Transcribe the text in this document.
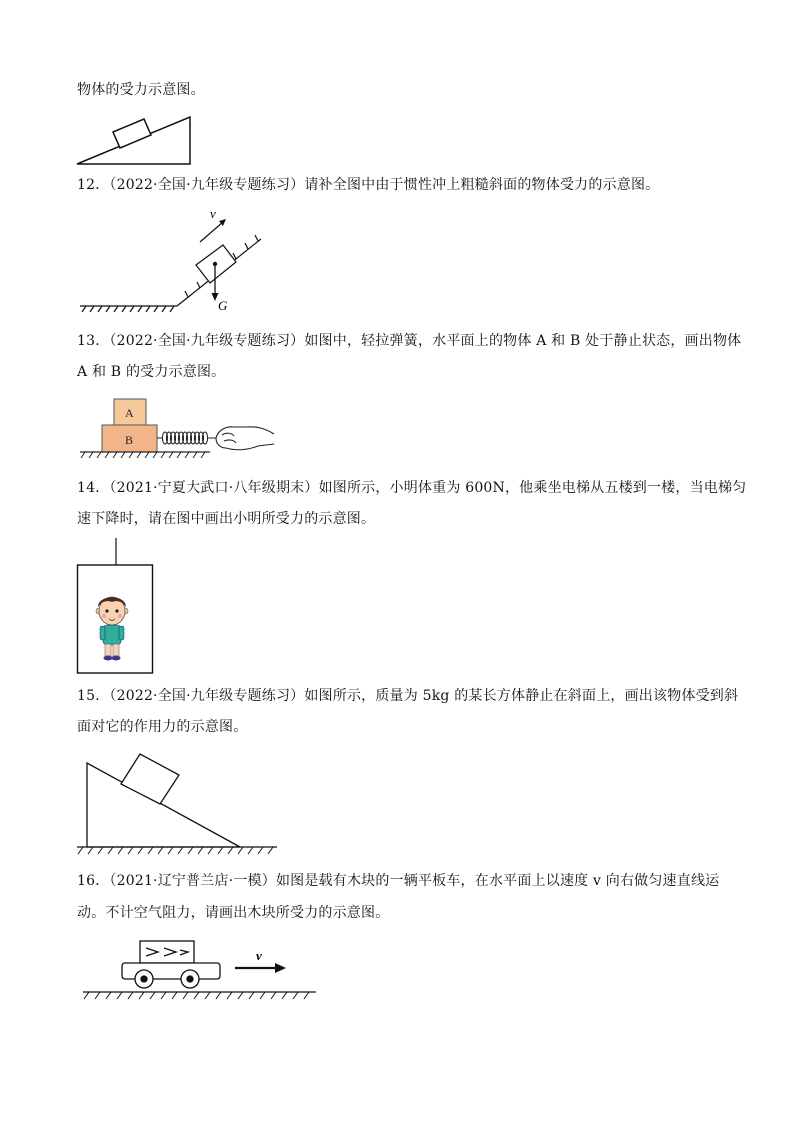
物体的受力示意图。
12．（2022·全国·九年级专题练习）请补全图中由于惯性冲上粗糙斜面的物体受力的示意图。
v
G
13．（2022·全国·九年级专题练习）如图中，轻拉弹簧，水平面上的物体 A 和 B 处于静止状态，画出物体
A 和 B 的受力示意图。
A
B
14．（2021·宁夏大武口·八年级期末）如图所示，小明体重为 600N，他乘坐电梯从五楼到一楼，当电梯匀
速下降时，请在图中画出小明所受力的示意图。
15．（2022·全国·九年级专题练习）如图所示，质量为 5kg 的某长方体静止在斜面上，画出该物体受到斜
面对它的作用力的示意图。
16．（2021·辽宁普兰店·一模）如图是载有木块的一辆平板车，在水平面上以速度 v 向右做匀速直线运
动。不计空气阻力，请画出木块所受力的示意图。
v
